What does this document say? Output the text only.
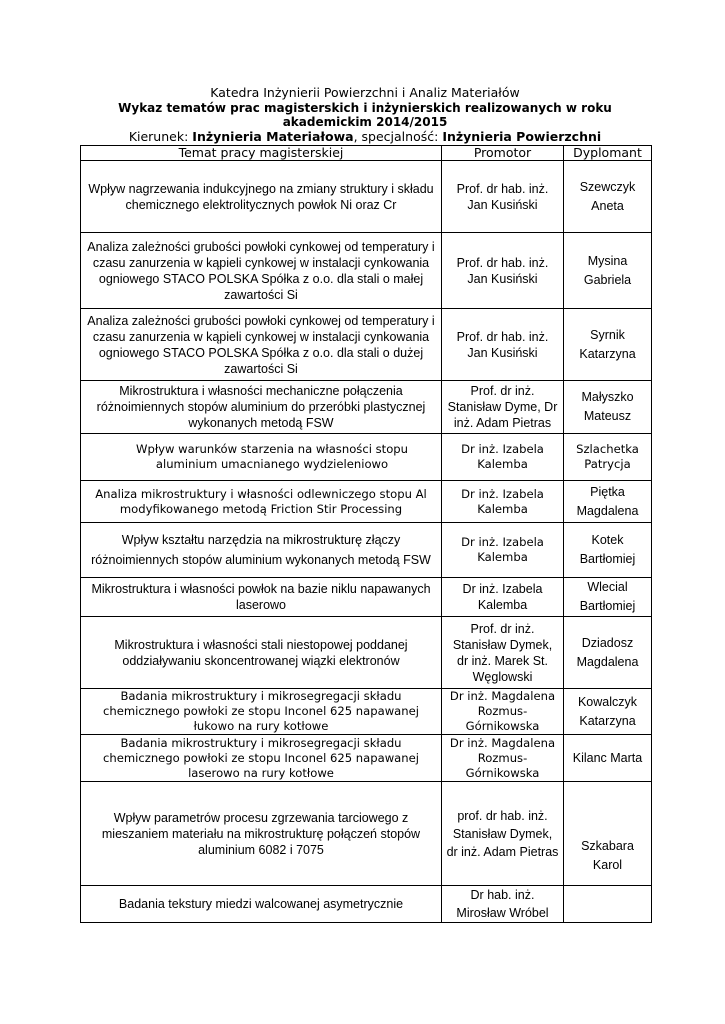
Katedra Inżynierii Powierzchni i Analiz Materiałów
Wykaz tematów prac magisterskich i inżynierskich realizowanych w roku
akademickim 2014/2015
Kierunek: Inżynieria Materiałowa, specjalność: Inżynieria Powierzchni
Temat pracy magisterskiej	Promotor	Dyplomant
Wpływ nagrzewania indukcyjnego na zmiany struktury i składu chemicznego elektrolitycznych powłok Ni oraz Cr	Prof. dr hab. inż. Jan Kusiński	Szewczyk Aneta
Analiza zależności grubości powłoki cynkowej od temperatury i czasu zanurzenia w kąpieli cynkowej w instalacji cynkowania ogniowego STACO POLSKA Spółka z o.o. dla stali o małej zawartości Si	Prof. dr hab. inż. Jan Kusiński	Mysina Gabriela
Analiza zależności grubości powłoki cynkowej od temperatury i czasu zanurzenia w kąpieli cynkowej w instalacji cynkowania ogniowego STACO POLSKA Spółka z o.o. dla stali o dużej zawartości Si	Prof. dr hab. inż. Jan Kusiński	Syrnik Katarzyna
Mikrostruktura i własności mechaniczne połączenia różnoimiennych stopów aluminium do przeróbki plastycznej wykonanych metodą FSW	Prof. dr inż. Stanisław Dyme, Dr inż. Adam Pietras	Małyszko Mateusz
Wpływ warunków starzenia na własności stopu aluminium umacnianego wydzieleniowo	Dr inż. Izabela Kalemba	Szlachetka Patrycja
Analiza mikrostruktury i własności odlewniczego stopu Al modyfikowanego metodą Friction Stir Processing	Dr inż. Izabela Kalemba	Piętka Magdalena
Wpływ kształtu narzędzia na mikrostrukturę złączy różnoimiennych stopów aluminium wykonanych metodą FSW	Dr inż. Izabela Kalemba	Kotek Bartłomiej
Mikrostruktura i własności powłok na bazie niklu napawanych laserowo	Dr inż. Izabela Kalemba	Wlecial Bartłomiej
Mikrostruktura i własności stali niestopowej poddanej oddziaływaniu skoncentrowanej wiązki elektronów	Prof. dr inż. Stanisław Dymek, dr inż. Marek St. Węglowski	Dziadosz Magdalena
Badania mikrostruktury i mikrosegregacji składu chemicznego powłoki ze stopu Inconel 625 napawanej łukowo na rury kotłowe	Dr inż. Magdalena Rozmus-Górnikowska	Kowalczyk Katarzyna
Badania mikrostruktury i mikrosegregacji składu chemicznego powłoki ze stopu Inconel 625 napawanej laserowo na rury kotłowe	Dr inż. Magdalena Rozmus-Górnikowska	Kilanc Marta
Wpływ parametrów procesu zgrzewania tarciowego z mieszaniem materiału na mikrostrukturę połączeń stopów aluminium 6082 i 7075	prof. dr hab. inż. Stanisław Dymek, dr inż. Adam Pietras	Szkabara Karol
Badania tekstury miedzi walcowanej asymetrycznie	Dr hab. inż. Mirosław Wróbel	
